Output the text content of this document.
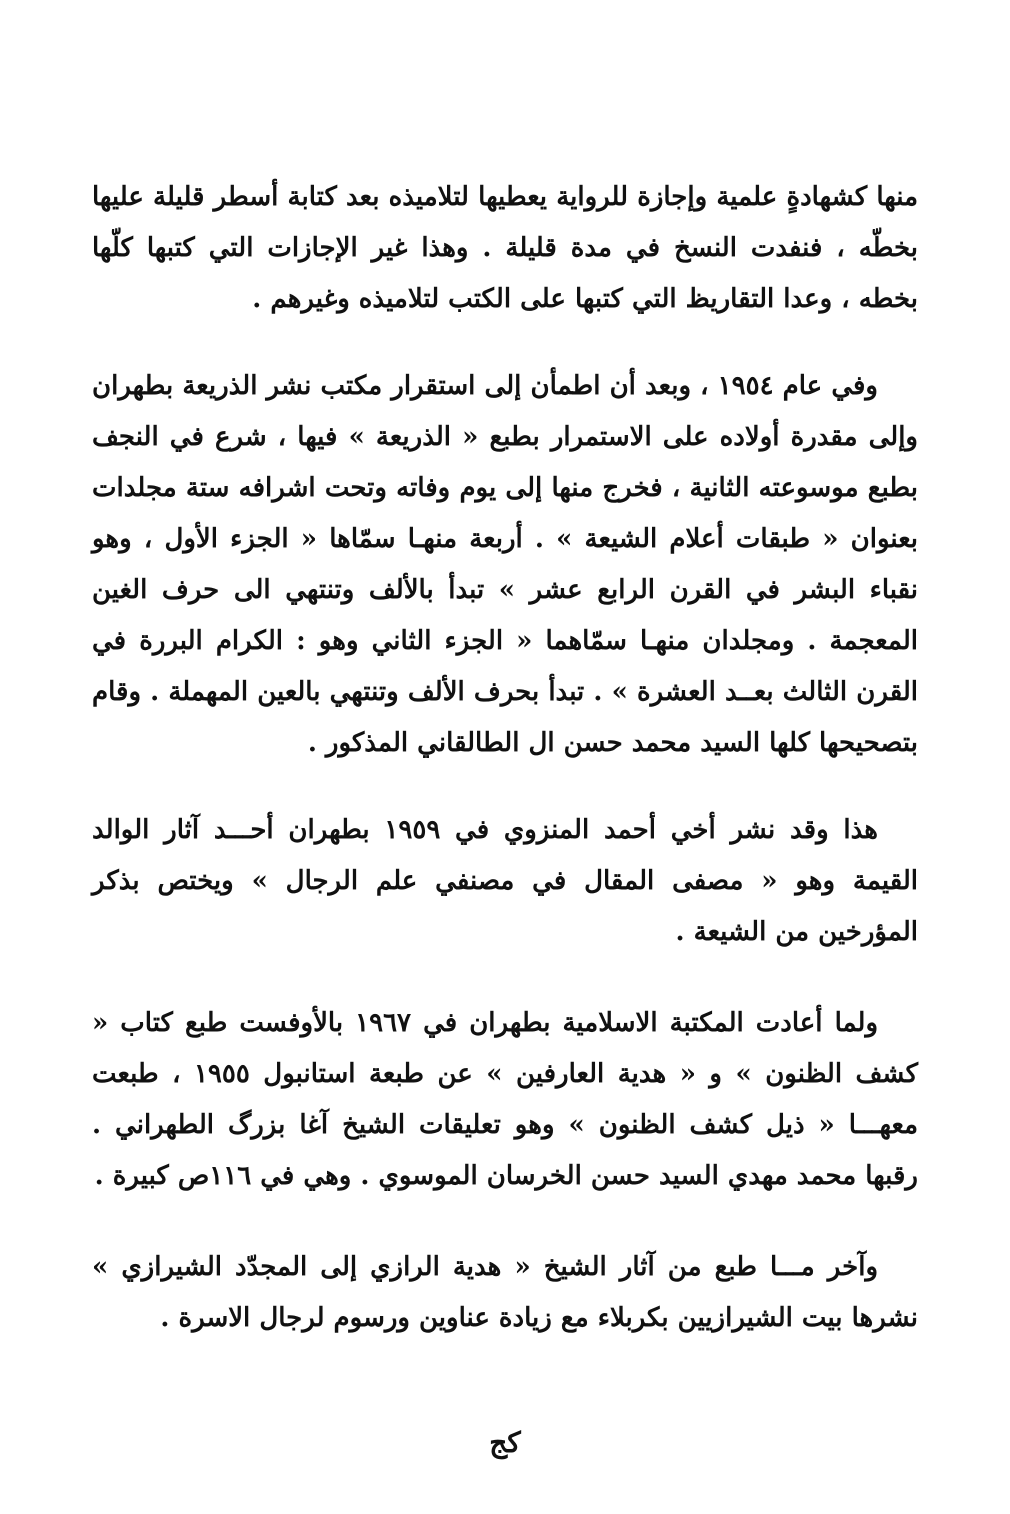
منها كشهادةٍ علمية وإجازة للرواية يعطيها لتلاميذه بعد كتابة أسطر قليلة عليها بخطّه ، فنفدت النسخ في مدة قليلة . وهذا غير الإجازات التي كتبها كلّها بخطه ، وعدا التقاريظ التي كتبها على الكتب لتلاميذه وغيرهم .

وفي عام ١٩٥٤ ، وبعد أن اطمأن إلى استقرار مكتب نشر الذريعة بطهران وإلى مقدرة أولاده على الاستمرار بطبع « الذريعة » فيها ، شرع في النجف بطبع موسوعته الثانية ، فخرج منها إلى يوم وفاته وتحت اشرافه ستة مجلدات بعنوان « طبقات أعلام الشيعة » . أربعة منهـا سمّاها « الجزء الأول ، وهو نقباء البشر في القرن الرابع عشر » تبدأ بالألف وتنتهي الى حرف الغين المعجمة . ومجلدان منهـا سمّاهما « الجزء الثاني وهو : الكرام البررة في القرن الثالث بعــد العشرة » . تبدأ بحرف الألف وتنتهي بالعين المهملة . وقام بتصحيحها كلها السيد محمد حسن ال الطالقاني المذكور .

هذا وقد نشر أخي أحمد المنزوي في ١٩٥٩ بطهران أحـــد آثار الوالد القيمة وهو « مصفى المقال في مصنفي علم الرجال » ويختص بذكر المؤرخين من الشيعة .

ولما أعادت المكتبة الاسلامية بطهران في ١٩٦٧ بالأوفست طبع كتاب « كشف الظنون » و « هدية العارفين » عن طبعة استانبول ١٩٥٥ ، طبعت معهـــا « ذيل كشف الظنون » وهو تعليقات الشيخ آغا بزرگ الطهراني . رقبها محمد مهدي السيد حسن الخرسان الموسوي . وهي في ١١٦ص كبيرة .

وآخر مـــا طبع من آثار الشيخ « هدية الرازي إلى المجدّد الشيرازي » نشرها بيت الشيرازيين بكربلاء مع زيادة عناوين ورسوم لرجال الاسرة .

كج
